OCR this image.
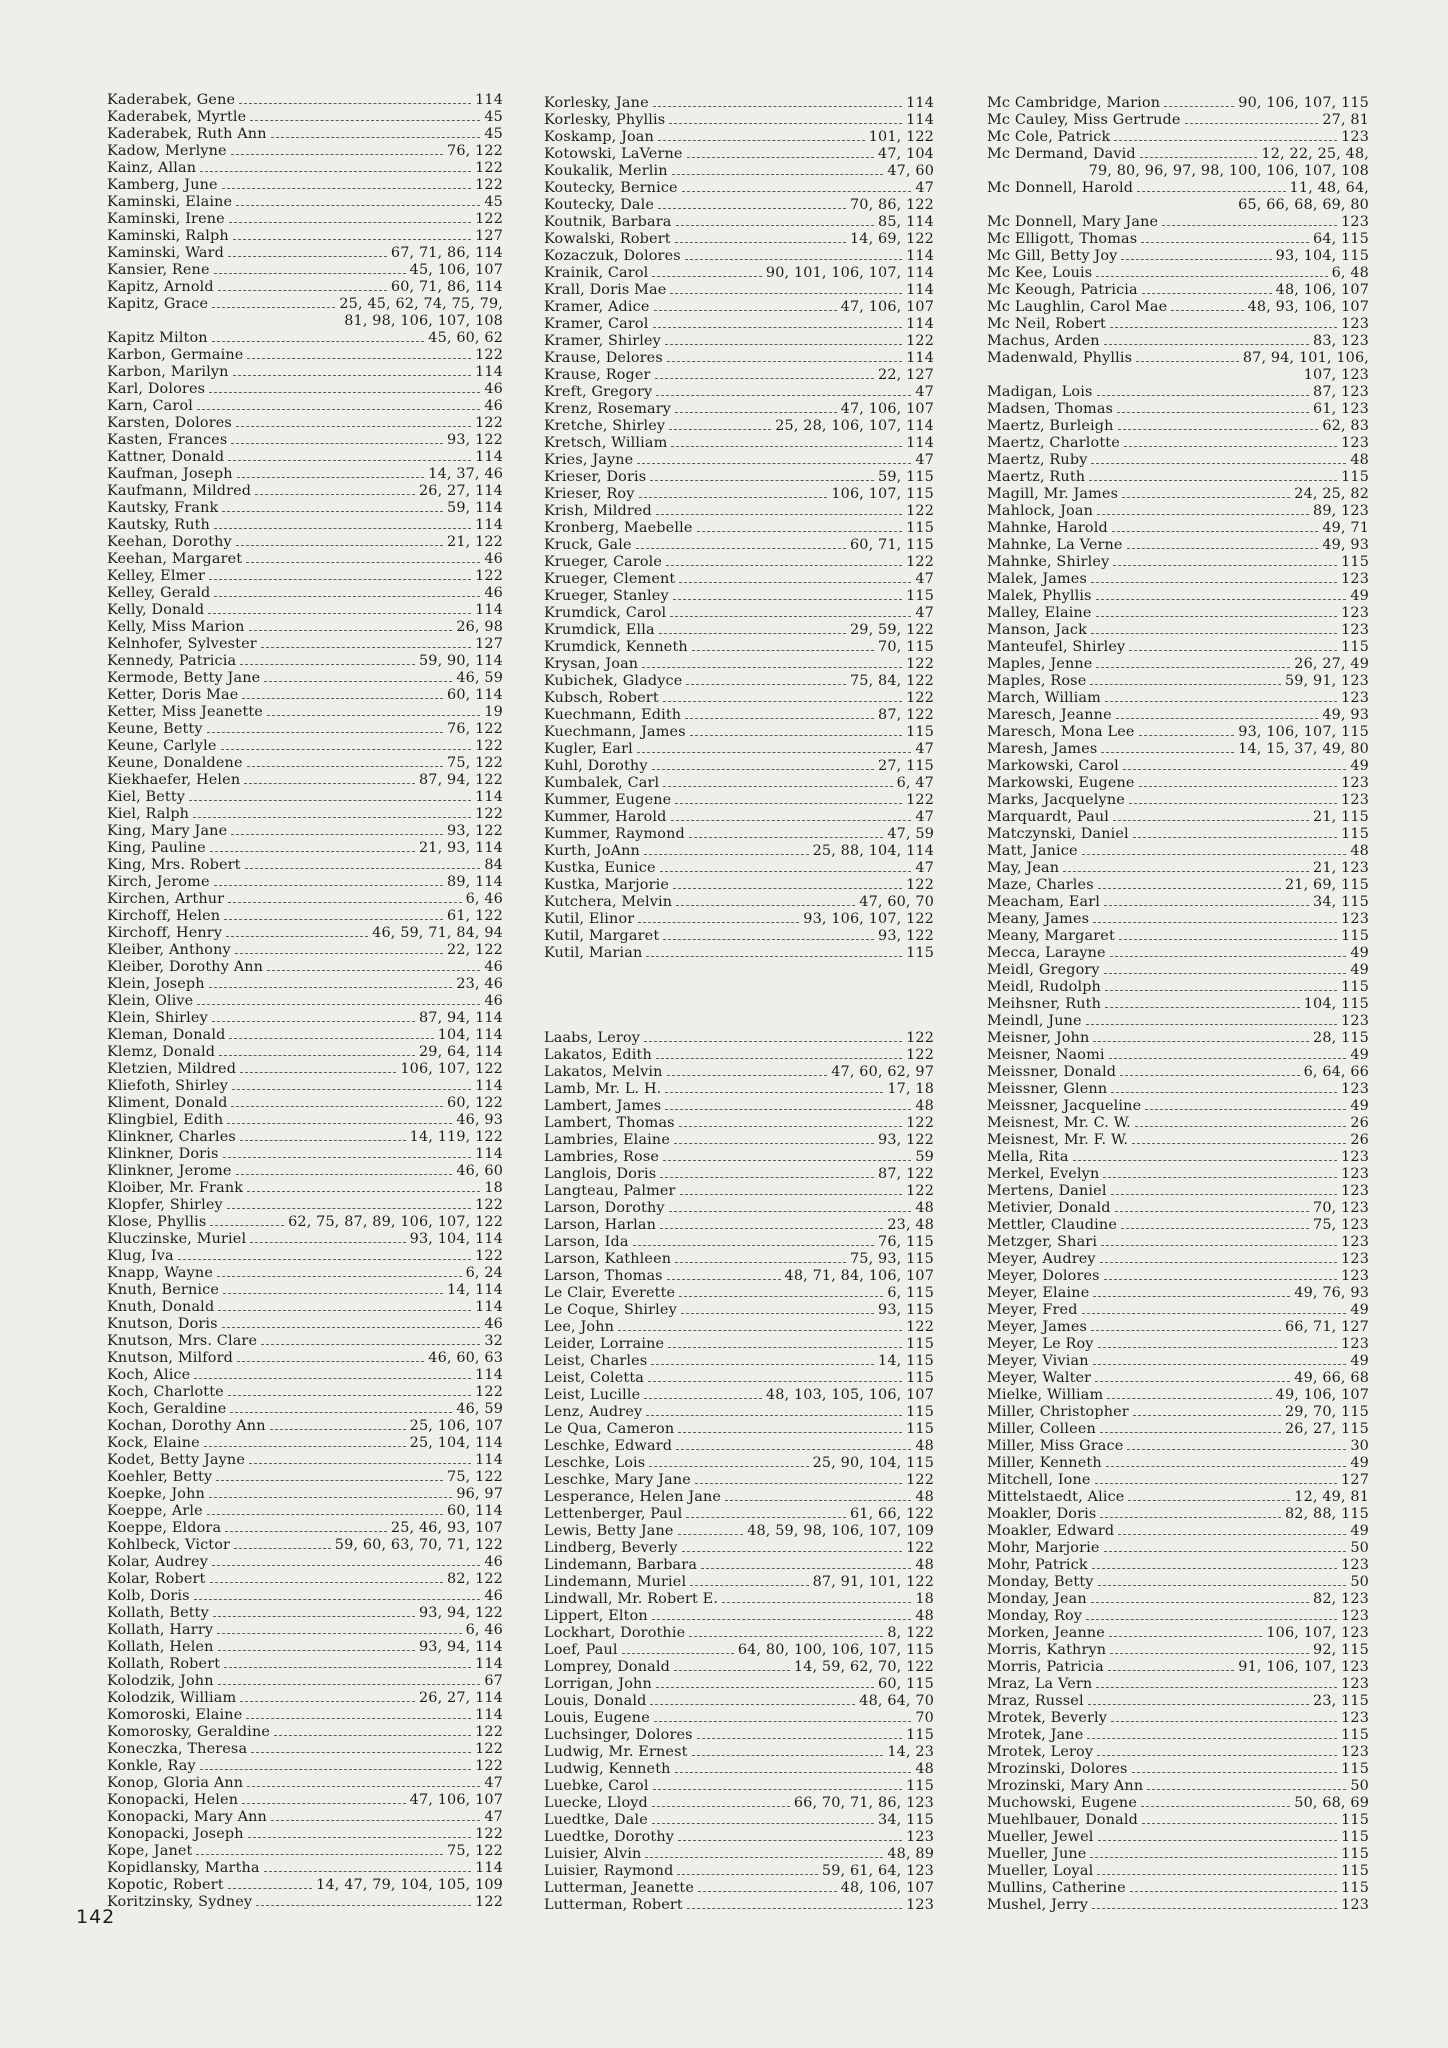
Kaderabek, Gene	114
Kaderabek, Myrtle	45
Kaderabek, Ruth Ann	45
Kadow, Merlyne	76, 122
Kainz, Allan	122
Kamberg, June	122
Kaminski, Elaine	45
Kaminski, Irene	122
Kaminski, Ralph	127
Kaminski, Ward	67, 71, 86, 114
Kansier, Rene	45, 106, 107
Kapitz, Arnold	60, 71, 86, 114
Kapitz, Grace	25, 45, 62, 74, 75, 79,
81, 98, 106, 107, 108
Kapitz Milton	45, 60, 62
Karbon, Germaine	122
Karbon, Marilyn	114
Karl, Dolores	46
Karn, Carol	46
Karsten, Dolores	122
Kasten, Frances	93, 122
Kattner, Donald	114
Kaufman, Joseph	14, 37, 46
Kaufmann, Mildred	26, 27, 114
Kautsky, Frank	59, 114
Kautsky, Ruth	114
Keehan, Dorothy	21, 122
Keehan, Margaret	46
Kelley, Elmer	122
Kelley, Gerald	46
Kelly, Donald	114
Kelly, Miss Marion	26, 98
Kelnhofer, Sylvester	127
Kennedy, Patricia	59, 90, 114
Kermode, Betty Jane	46, 59
Ketter, Doris Mae	60, 114
Ketter, Miss Jeanette	19
Keune, Betty	76, 122
Keune, Carlyle	122
Keune, Donaldene	75, 122
Kiekhaefer, Helen	87, 94, 122
Kiel, Betty	114
Kiel, Ralph	122
King, Mary Jane	93, 122
King, Pauline	21, 93, 114
King, Mrs. Robert	84
Kirch, Jerome	89, 114
Kirchen, Arthur	6, 46
Kirchoff, Helen	61, 122
Kirchoff, Henry	46, 59, 71, 84, 94
Kleiber, Anthony	22, 122
Kleiber, Dorothy Ann	46
Klein, Joseph	23, 46
Klein, Olive	46
Klein, Shirley	87, 94, 114
Kleman, Donald	104, 114
Klemz, Donald	29, 64, 114
Kletzien, Mildred	106, 107, 122
Kliefoth, Shirley	114
Kliment, Donald	60, 122
Klingbiel, Edith	46, 93
Klinkner, Charles	14, 119, 122
Klinkner, Doris	114
Klinkner, Jerome	46, 60
Kloiber, Mr. Frank	18
Klopfer, Shirley	122
Klose, Phyllis	62, 75, 87, 89, 106, 107, 122
Kluczinske, Muriel	93, 104, 114
Klug, Iva	122
Knapp, Wayne	6, 24
Knuth, Bernice	14, 114
Knuth, Donald	114
Knutson, Doris	46
Knutson, Mrs. Clare	32
Knutson, Milford	46, 60, 63
Koch, Alice	114
Koch, Charlotte	122
Koch, Geraldine	46, 59
Kochan, Dorothy Ann	25, 106, 107
Kock, Elaine	25, 104, 114
Kodet, Betty Jayne	114
Koehler, Betty	75, 122
Koepke, John	96, 97
Koeppe, Arle	60, 114
Koeppe, Eldora	25, 46, 93, 107
Kohlbeck, Victor	59, 60, 63, 70, 71, 122
Kolar, Audrey	46
Kolar, Robert	82, 122
Kolb, Doris	46
Kollath, Betty	93, 94, 122
Kollath, Harry	6, 46
Kollath, Helen	93, 94, 114
Kollath, Robert	114
Kolodzik, John	67
Kolodzik, William	26, 27, 114
Komoroski, Elaine	114
Komorosky, Geraldine	122
Koneczka, Theresa	122
Konkle, Ray	122
Konop, Gloria Ann	47
Konopacki, Helen	47, 106, 107
Konopacki, Mary Ann	47
Konopacki, Joseph	122
Kope, Janet	75, 122
Kopidlansky, Martha	114
Kopotic, Robert	14, 47, 79, 104, 105, 109
Koritzinsky, Sydney	122
Korlesky, Jane	114
Korlesky, Phyllis	114
Koskamp, Joan	101, 122
Kotowski, LaVerne	47, 104
Koukalik, Merlin	47, 60
Koutecky, Bernice	47
Koutecky, Dale	70, 86, 122
Koutnik, Barbara	85, 114
Kowalski, Robert	14, 69, 122
Kozaczuk, Dolores	114
Krainik, Carol	90, 101, 106, 107, 114
Krall, Doris Mae	114
Kramer, Adice	47, 106, 107
Kramer, Carol	114
Kramer, Shirley	122
Krause, Delores	114
Krause, Roger	22, 127
Kreft, Gregory	47
Krenz, Rosemary	47, 106, 107
Kretche, Shirley	25, 28, 106, 107, 114
Kretsch, William	114
Kries, Jayne	47
Krieser, Doris	59, 115
Krieser, Roy	106, 107, 115
Krish, Mildred	122
Kronberg, Maebelle	115
Kruck, Gale	60, 71, 115
Krueger, Carole	122
Krueger, Clement	47
Krueger, Stanley	115
Krumdick, Carol	47
Krumdick, Ella	29, 59, 122
Krumdick, Kenneth	70, 115
Krysan, Joan	122
Kubichek, Gladyce	75, 84, 122
Kubsch, Robert	122
Kuechmann, Edith	87, 122
Kuechmann, James	115
Kugler, Earl	47
Kuhl, Dorothy	27, 115
Kumbalek, Carl	6, 47
Kummer, Eugene	122
Kummer, Harold	47
Kummer, Raymond	47, 59
Kurth, JoAnn	25, 88, 104, 114
Kustka, Eunice	47
Kustka, Marjorie	122
Kutchera, Melvin	47, 60, 70
Kutil, Elinor	93, 106, 107, 122
Kutil, Margaret	93, 122
Kutil, Marian	115
Laabs, Leroy	122
Lakatos, Edith	122
Lakatos, Melvin	47, 60, 62, 97
Lamb, Mr. L. H.	17, 18
Lambert, James	48
Lambert, Thomas	122
Lambries, Elaine	93, 122
Lambries, Rose	59
Langlois, Doris	87, 122
Langteau, Palmer	122
Larson, Dorothy	48
Larson, Harlan	23, 48
Larson, Ida	76, 115
Larson, Kathleen	75, 93, 115
Larson, Thomas	48, 71, 84, 106, 107
Le Clair, Everette	6, 115
Le Coque, Shirley	93, 115
Lee, John	122
Leider, Lorraine	115
Leist, Charles	14, 115
Leist, Coletta	115
Leist, Lucille	48, 103, 105, 106, 107
Lenz, Audrey	115
Le Qua, Cameron	115
Leschke, Edward	48
Leschke, Lois	25, 90, 104, 115
Leschke, Mary Jane	122
Lesperance, Helen Jane	48
Lettenberger, Paul	61, 66, 122
Lewis, Betty Jane	48, 59, 98, 106, 107, 109
Lindberg, Beverly	122
Lindemann, Barbara	48
Lindemann, Muriel	87, 91, 101, 122
Lindwall, Mr. Robert E.	18
Lippert, Elton	48
Lockhart, Dorothie	8, 122
Loef, Paul	64, 80, 100, 106, 107, 115
Lomprey, Donald	14, 59, 62, 70, 122
Lorrigan, John	60, 115
Louis, Donald	48, 64, 70
Louis, Eugene	70
Luchsinger, Dolores	115
Ludwig, Mr. Ernest	14, 23
Ludwig, Kenneth	48
Luebke, Carol	115
Luecke, Lloyd	66, 70, 71, 86, 123
Luedtke, Dale	34, 115
Luedtke, Dorothy	123
Luisier, Alvin	48, 89
Luisier, Raymond	59, 61, 64, 123
Lutterman, Jeanette	48, 106, 107
Lutterman, Robert	123
Mc Cambridge, Marion	90, 106, 107, 115
Mc Cauley, Miss Gertrude	27, 81
Mc Cole, Patrick	123
Mc Dermand, David	12, 22, 25, 48,
79, 80, 96, 97, 98, 100, 106, 107, 108
Mc Donnell, Harold	11, 48, 64,
65, 66, 68, 69, 80
Mc Donnell, Mary Jane	123
Mc Elligott, Thomas	64, 115
Mc Gill, Betty Joy	93, 104, 115
Mc Kee, Louis	6, 48
Mc Keough, Patricia	48, 106, 107
Mc Laughlin, Carol Mae	48, 93, 106, 107
Mc Neil, Robert	123
Machus, Arden	83, 123
Madenwald, Phyllis	87, 94, 101, 106,
107, 123
Madigan, Lois	87, 123
Madsen, Thomas	61, 123
Maertz, Burleigh	62, 83
Maertz, Charlotte	123
Maertz, Ruby	48
Maertz, Ruth	115
Magill, Mr. James	24, 25, 82
Mahlock, Joan	89, 123
Mahnke, Harold	49, 71
Mahnke, La Verne	49, 93
Mahnke, Shirley	115
Malek, James	123
Malek, Phyllis	49
Malley, Elaine	123
Manson, Jack	123
Manteufel, Shirley	115
Maples, Jenne	26, 27, 49
Maples, Rose	59, 91, 123
March, William	123
Maresch, Jeanne	49, 93
Maresch, Mona Lee	93, 106, 107, 115
Maresh, James	14, 15, 37, 49, 80
Markowski, Carol	49
Markowski, Eugene	123
Marks, Jacquelyne	123
Marquardt, Paul	21, 115
Matczynski, Daniel	115
Matt, Janice	48
May, Jean	21, 123
Maze, Charles	21, 69, 115
Meacham, Earl	34, 115
Meany, James	123
Meany, Margaret	115
Mecca, Larayne	49
Meidl, Gregory	49
Meidl, Rudolph	115
Meihsner, Ruth	104, 115
Meindl, June	123
Meisner, John	28, 115
Meisner, Naomi	49
Meissner, Donald	6, 64, 66
Meissner, Glenn	123
Meissner, Jacqueline	49
Meisnest, Mr. C. W.	26
Meisnest, Mr. F. W.	26
Mella, Rita	123
Merkel, Evelyn	123
Mertens, Daniel	123
Metivier, Donald	70, 123
Mettler, Claudine	75, 123
Metzger, Shari	123
Meyer, Audrey	123
Meyer, Dolores	123
Meyer, Elaine	49, 76, 93
Meyer, Fred	49
Meyer, James	66, 71, 127
Meyer, Le Roy	123
Meyer, Vivian	49
Meyer, Walter	49, 66, 68
Mielke, William	49, 106, 107
Miller, Christopher	29, 70, 115
Miller, Colleen	26, 27, 115
Miller, Miss Grace	30
Miller, Kenneth	49
Mitchell, Ione	127
Mittelstaedt, Alice	12, 49, 81
Moakler, Doris	82, 88, 115
Moakler, Edward	49
Mohr, Marjorie	50
Mohr, Patrick	123
Monday, Betty	50
Monday, Jean	82, 123
Monday, Roy	123
Morken, Jeanne	106, 107, 123
Morris, Kathryn	92, 115
Morris, Patricia	91, 106, 107, 123
Mraz, La Vern	123
Mraz, Russel	23, 115
Mrotek, Beverly	123
Mrotek, Jane	115
Mrotek, Leroy	123
Mrozinski, Dolores	115
Mrozinski, Mary Ann	50
Muchowski, Eugene	50, 68, 69
Muehlbauer, Donald	115
Mueller, Jewel	115
Mueller, June	115
Mueller, Loyal	115
Mullins, Catherine	115
Mushel, Jerry	123
142
